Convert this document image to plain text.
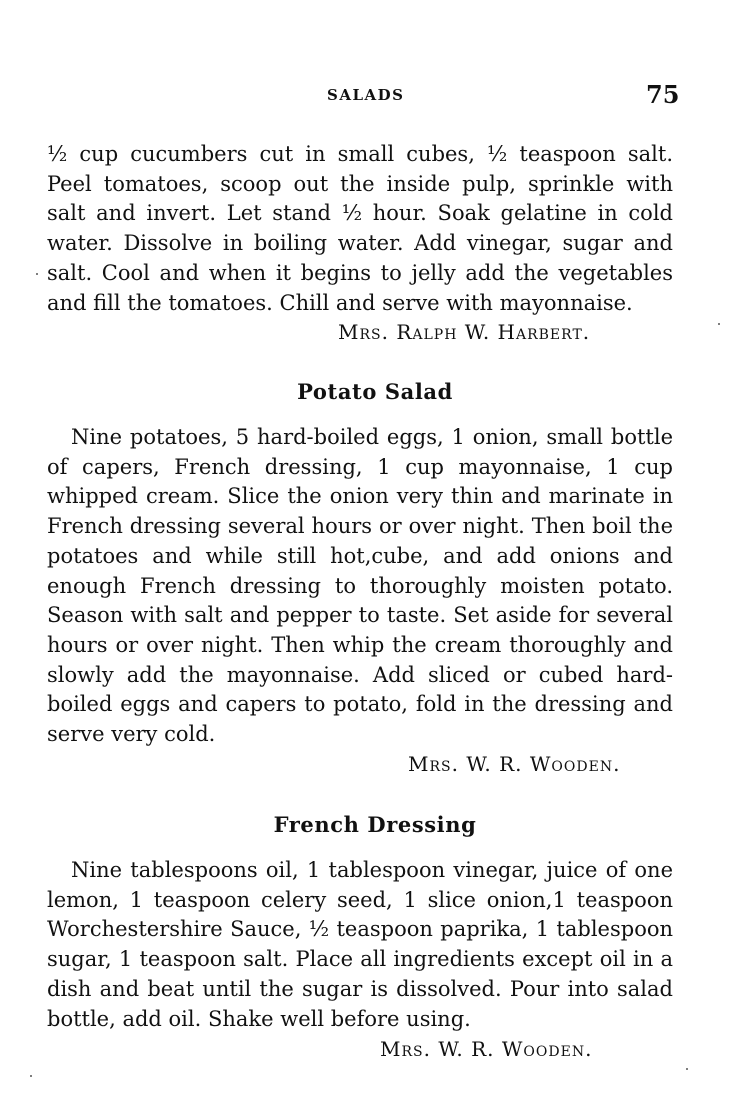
SALADS	75

½ cup cucumbers cut in small cubes, ½ teaspoon salt. Peel tomatoes, scoop out the inside pulp, sprinkle with salt and invert. Let stand ½ hour. Soak gelatine in cold water. Dissolve in boiling water. Add vinegar, sugar and salt. Cool and when it begins to jelly add the vegetables and fill the tomatoes. Chill and serve with mayonnaise.

Mrs. Ralph W. Harbert.
Potato Salad

Nine potatoes, 5 hard-boiled eggs, 1 onion, small bottle of capers, French dressing, 1 cup mayonnaise, 1 cup whipped cream. Slice the onion very thin and marinate in French dressing several hours or over night. Then boil the potatoes and while still hot,cube, and add onions and enough French dressing to thoroughly moisten potato. Season with salt and pepper to taste. Set aside for several hours or over night. Then whip the cream thoroughly and slowly add the mayonnaise. Add sliced or cubed hard-boiled eggs and capers to potato, fold in the dressing and serve very cold.

Mrs. W. R. Wooden.
French Dressing

Nine tablespoons oil, 1 tablespoon vinegar, juice of one lemon, 1 teaspoon celery seed, 1 slice onion,1 teaspoon Worchestershire Sauce, ½ teaspoon paprika, 1 tablespoon sugar, 1 teaspoon salt. Place all ingredients except oil in a dish and beat until the sugar is dissolved. Pour into salad bottle, add oil. Shake well before using.

Mrs. W. R. Wooden.
